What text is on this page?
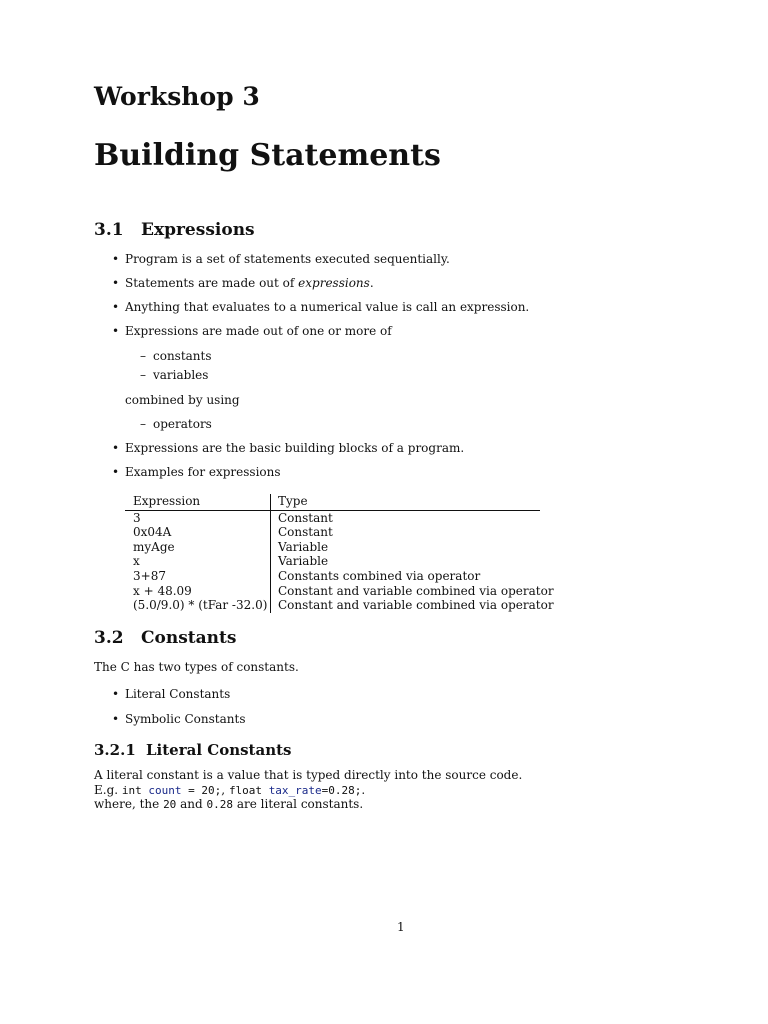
Workshop 3
Building Statements
3.1 Expressions
• Program is a set of statements executed sequentially.
• Statements are made out of expressions.
• Anything that evaluates to a numerical value is call an expression.
• Expressions are made out of one or more of
– constants
– variables
combined by using
– operators
• Expressions are the basic building blocks of a program.
• Examples for expressions
Expression	Type
3	Constant
0x04A	Constant
myAge	Variable
x	Variable
3+87	Constants combined via operator
x + 48.09	Constant and variable combined via operator
(5.0/9.0) * (tFar -32.0) Constant and variable combined via operator
3.2 Constants
The C has two types of constants.
• Literal Constants
• Symbolic Constants
3.2.1 Literal Constants
A literal constant is a value that is typed directly into the source code.
E.g. int count = 20;, float tax_rate=0.28;.
where, the 20 and 0.28 are literal constants.
1
